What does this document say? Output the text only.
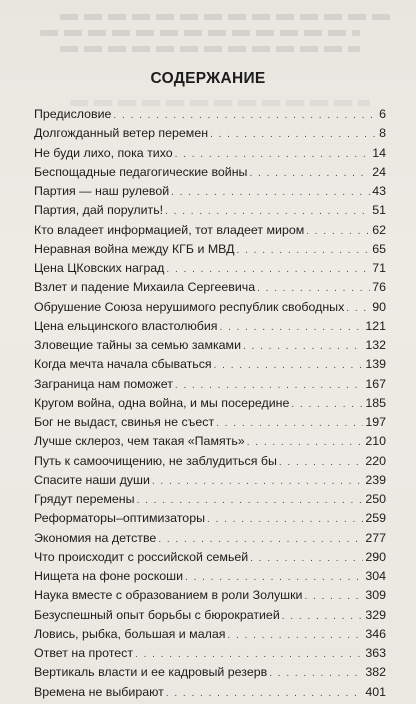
СОДЕРЖАНИЕ
Предисловие . . .	6
Долгожданный ветер перемен . . .	8
Не буди лихо, пока тихо . . .	14
Беспощадные педагогические войны . . .	24
Партия — наш рулевой . . .	43
Партия, дай порулить! . . .	51
Кто владеет информацией, тот владеет миром . . .	62
Неравная война между КГБ и МВД . . .	65
Цена ЦКовских наград . . .	71
Взлет и падение Михаила Сергеевича . . .	76
Обрушение Союза нерушимого республик свободных . . . 90
Цена ельцинского властолюбия . . .	121
Зловещие тайны за семью замками . . .	132
Когда мечта начала сбываться . . .	139
Заграница нам поможет . . .	167
Кругом война, одна война, и мы посередине . . .	185
Бог не выдаст, свинья не съест . . .	197
Лучше склероз, чем такая «Память» . . .	210
Путь к самоочищению, не заблудиться бы . . .	220
Спасите наши души . . .	239
Грядут перемены . . .	250
Реформаторы–оптимизаторы . . .	259
Экономия на детстве . . .	277
Что происходит с российской семьей . . .	290
Нищета на фоне роскоши . . .	304
Наука вместе с образованием в роли Золушки . . .	309
Безуспешный опыт борьбы с бюрократией . . .	329
Ловись, рыбка, большая и малая . . .	346
Ответ на протест . . .	363
Вертикаль власти и ее кадровый резерв . . .	382
Времена не выбирают . . .	401
